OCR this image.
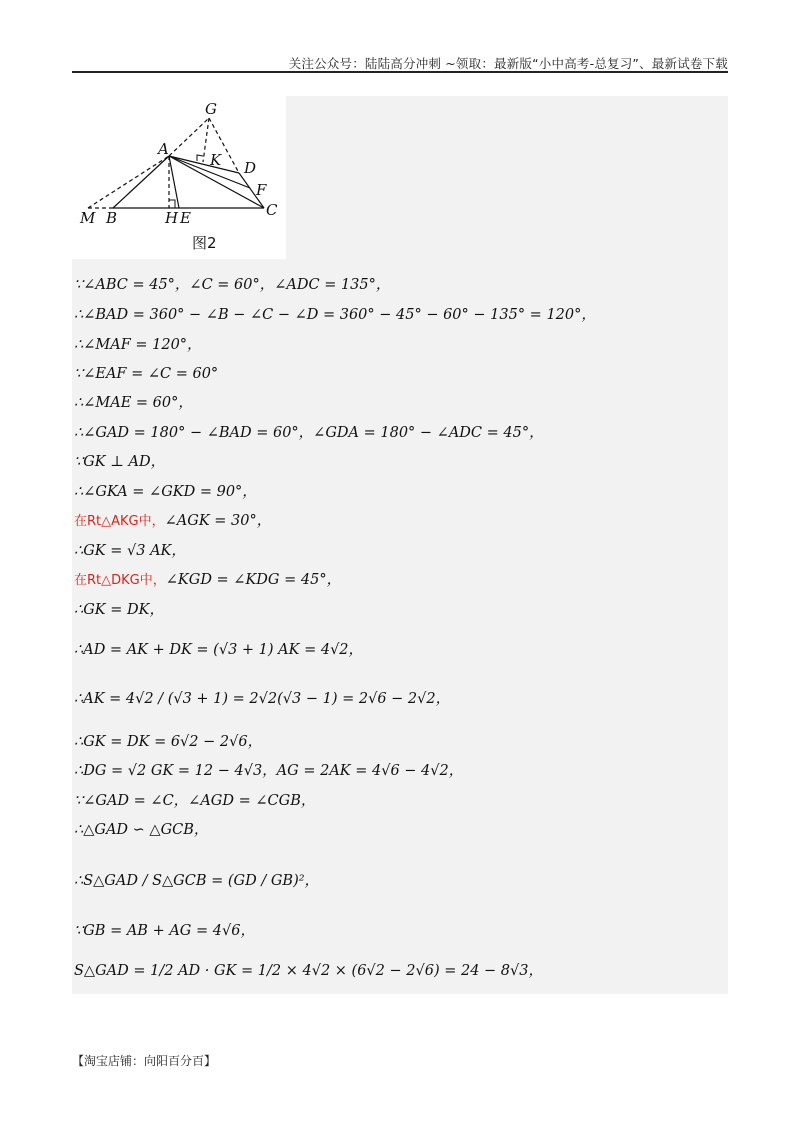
关注公众号：陆陆高分冲刺 ~领取：最新版“小中高考-总复习”、最新试卷下载
G
A
K D
F
C
M B	H E
图2
∵∠ABC = 45°，∠C = 60°，∠ADC = 135°，
∴∠BAD = 360° − ∠B − ∠C − ∠D = 360° − 45° − 60° − 135° = 120°，
∴∠MAF = 120°，
∵∠EAF = ∠C = 60°
∴∠MAE = 60°，
∴∠GAD = 180° − ∠BAD = 60°，∠GDA = 180° − ∠ADC = 45°，
∵GK ⊥ AD，
∴∠GKA = ∠GKD = 90°，
在Rt△AKG中，∠AGK = 30°，
∴GK = √3 AK，
在Rt△DKG中，∠KGD = ∠KDG = 45°，
∴GK = DK，
∴AD = AK + DK = (√3 + 1) AK = 4√2，
∴AK = 4√2 / (√3 + 1) = 2√2(√3 − 1) = 2√6 − 2√2，
∴GK = DK = 6√2 − 2√6，
∴DG = √2 GK = 12 − 4√3，AG = 2AK = 4√6 − 4√2，
∵∠GAD = ∠C，∠AGD = ∠CGB，
∴△GAD ∽ △GCB，
∴S△GAD / S△GCB = (GD / GB)²，
∵GB = AB + AG = 4√6，
S△GAD = 1/2 AD · GK = 1/2 × 4√2 × (6√2 − 2√6) = 24 − 8√3，
【淘宝店铺：向阳百分百】
